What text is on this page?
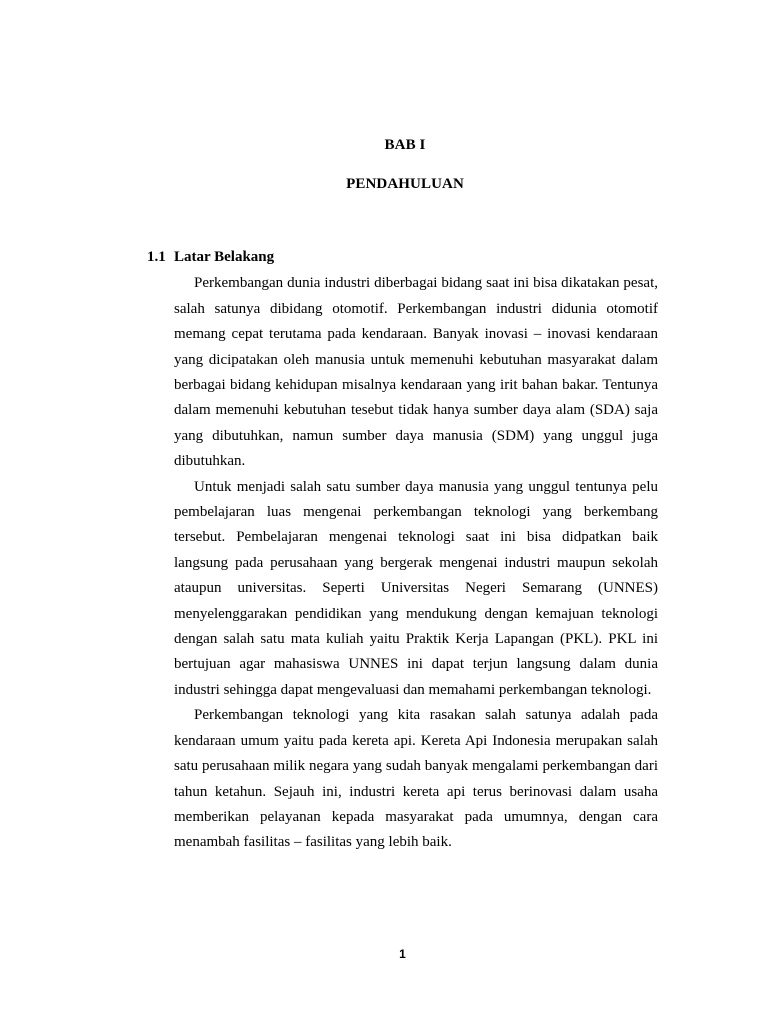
BAB I
PENDAHULUAN
1.1 Latar Belakang

Perkembangan dunia industri diberbagai bidang saat ini bisa dikatakan pesat, salah satunya dibidang otomotif. Perkembangan industri didunia otomotif memang cepat terutama pada kendaraan. Banyak inovasi – inovasi kendaraan yang dicipatakan oleh manusia untuk memenuhi kebutuhan masyarakat dalam berbagai bidang kehidupan misalnya kendaraan yang irit bahan bakar. Tentunya dalam memenuhi kebutuhan tesebut tidak hanya sumber daya alam (SDA) saja yang dibutuhkan, namun sumber daya manusia (SDM) yang unggul juga dibutuhkan.

Untuk menjadi salah satu sumber daya manusia yang unggul tentunya pelu pembelajaran luas mengenai perkembangan teknologi yang berkembang tersebut. Pembelajaran mengenai teknologi saat ini bisa didpatkan baik langsung pada perusahaan yang bergerak mengenai industri maupun sekolah ataupun universitas. Seperti Universitas Negeri Semarang (UNNES) menyelenggarakan pendidikan yang mendukung dengan kemajuan teknologi dengan salah satu mata kuliah yaitu Praktik Kerja Lapangan (PKL). PKL ini bertujuan agar mahasiswa UNNES ini dapat terjun langsung dalam dunia industri sehingga dapat mengevaluasi dan memahami perkembangan teknologi.

Perkembangan teknologi yang kita rasakan salah satunya adalah pada kendaraan umum yaitu pada kereta api. Kereta Api Indonesia merupakan salah satu perusahaan milik negara yang sudah banyak mengalami perkembangan dari tahun ketahun. Sejauh ini, industri kereta api terus berinovasi dalam usaha memberikan pelayanan kepada masyarakat pada umumnya, dengan cara menambah fasilitas – fasilitas yang lebih baik.

1
